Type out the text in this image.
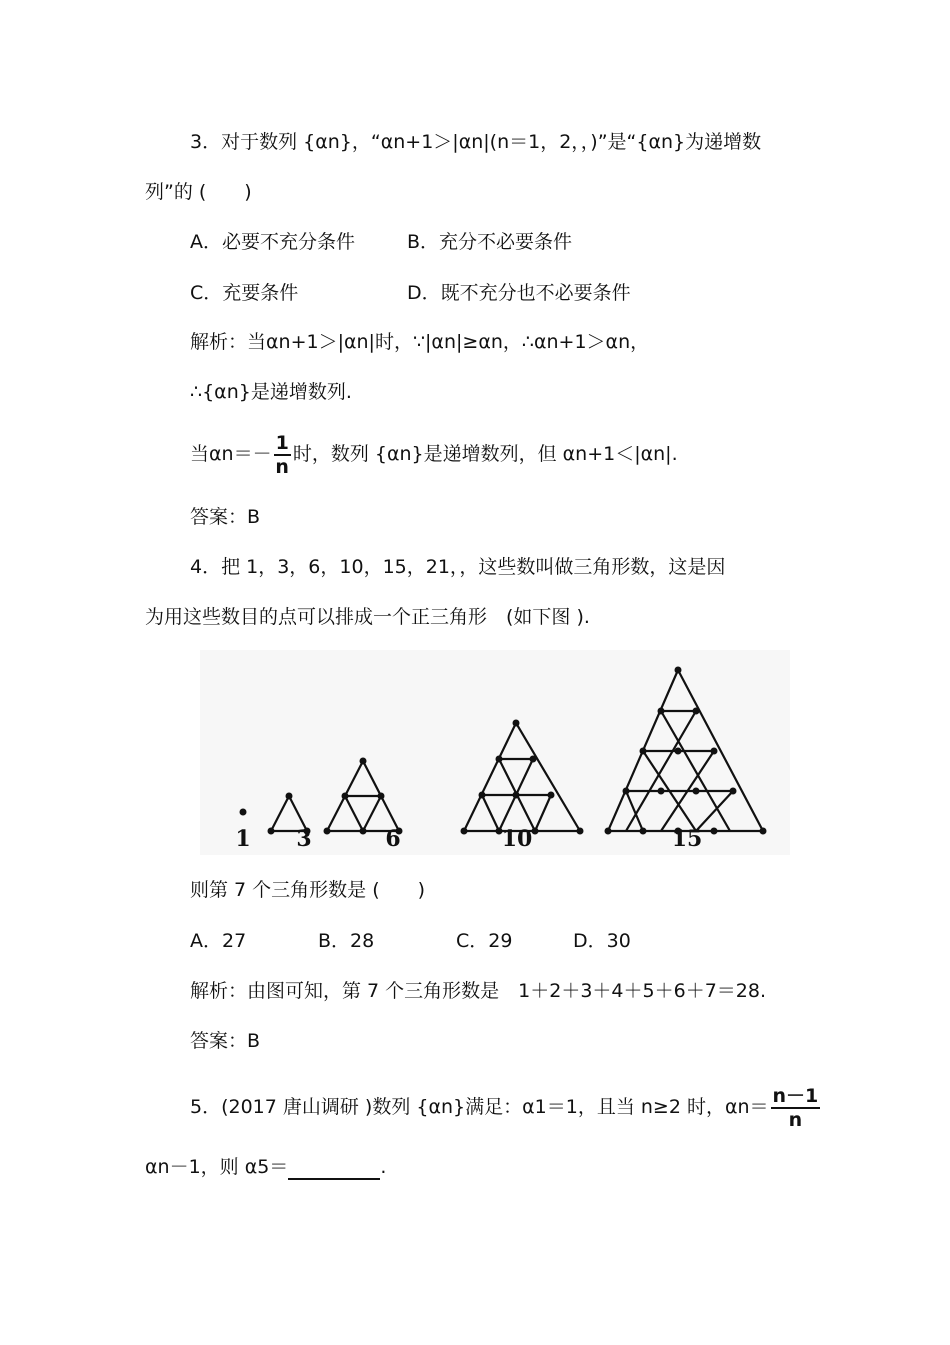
3．对于数列 {αn}，“αn+1＞|αn|(n＝1，2，，)”是“{αn}为递增数
列”的 (　　)
A．必要不充分条件	B．充分不必要条件
C．充要条件	D．既不充分也不必要条件
解析：当αn+1＞|αn|时，∵|αn|≥αn，∴αn+1＞αn，
∴{αn}是递增数列.
当$\alpha n=- \frac{1}{n}$ 时，数列 {αn}是递增数列，但 αn+1＜|αn|.
答案：B
4．把 1，3，6，10，15，21，，这些数叫做三角形数，这是因
为用这些数目的点可以排成一个正三角形　(如下图 ).
1 3	6	10	15
则第 7 个三角形数是 (　　)
A．27	B．28	C．29	D．30
解析：由图可知，第 7 个三角形数是　1＋2＋3＋4＋5＋6＋7＝28.
答案：B
5．(2017 唐山调研 )数列 {αn}满足：α1＝1，且当 n≥2 时，$\alpha n= \frac{n-1}{n}$
αn－1，则 α5＝	.
